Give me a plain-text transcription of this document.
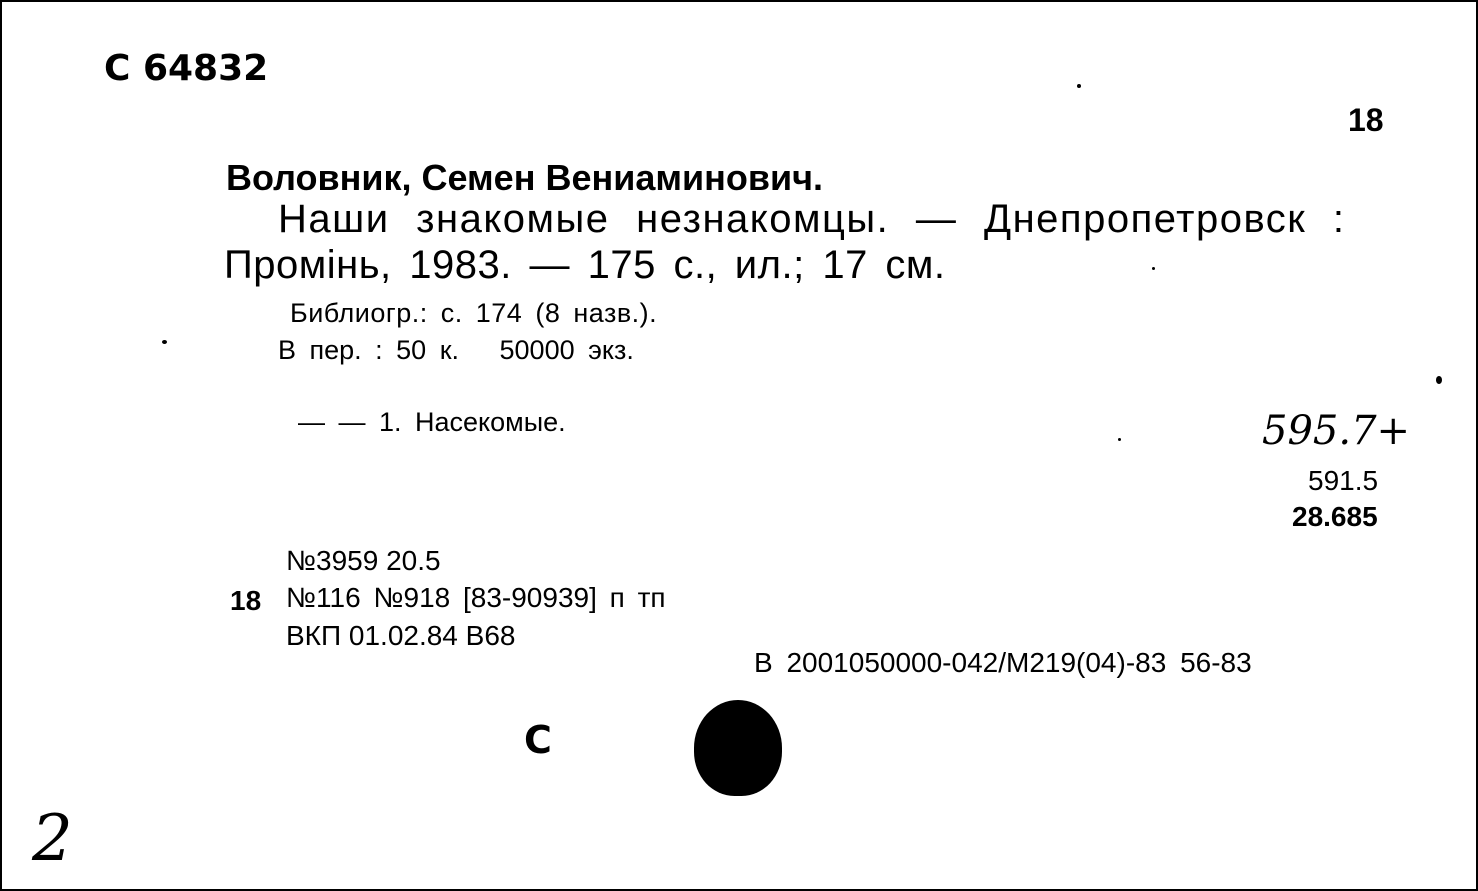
С 64832
18
Воловник, Семен Вениаминович.
Наши знакомые незнакомцы. — Днепропетровск :
Промінь, 1983. — 175 с., ил.; 17 см.
Библиогр.: с. 174 (8 назв.).
В пер. : 50 к.   50000 экз.
— — 1. Насекомые.	595.7+
591.5
28.685
№3959 20.5
18 №116 №918 [83-90939] п тп
ВКП 01.02.84 В68
В 2001050000-042/М219(04)-83 56-83
С
2
